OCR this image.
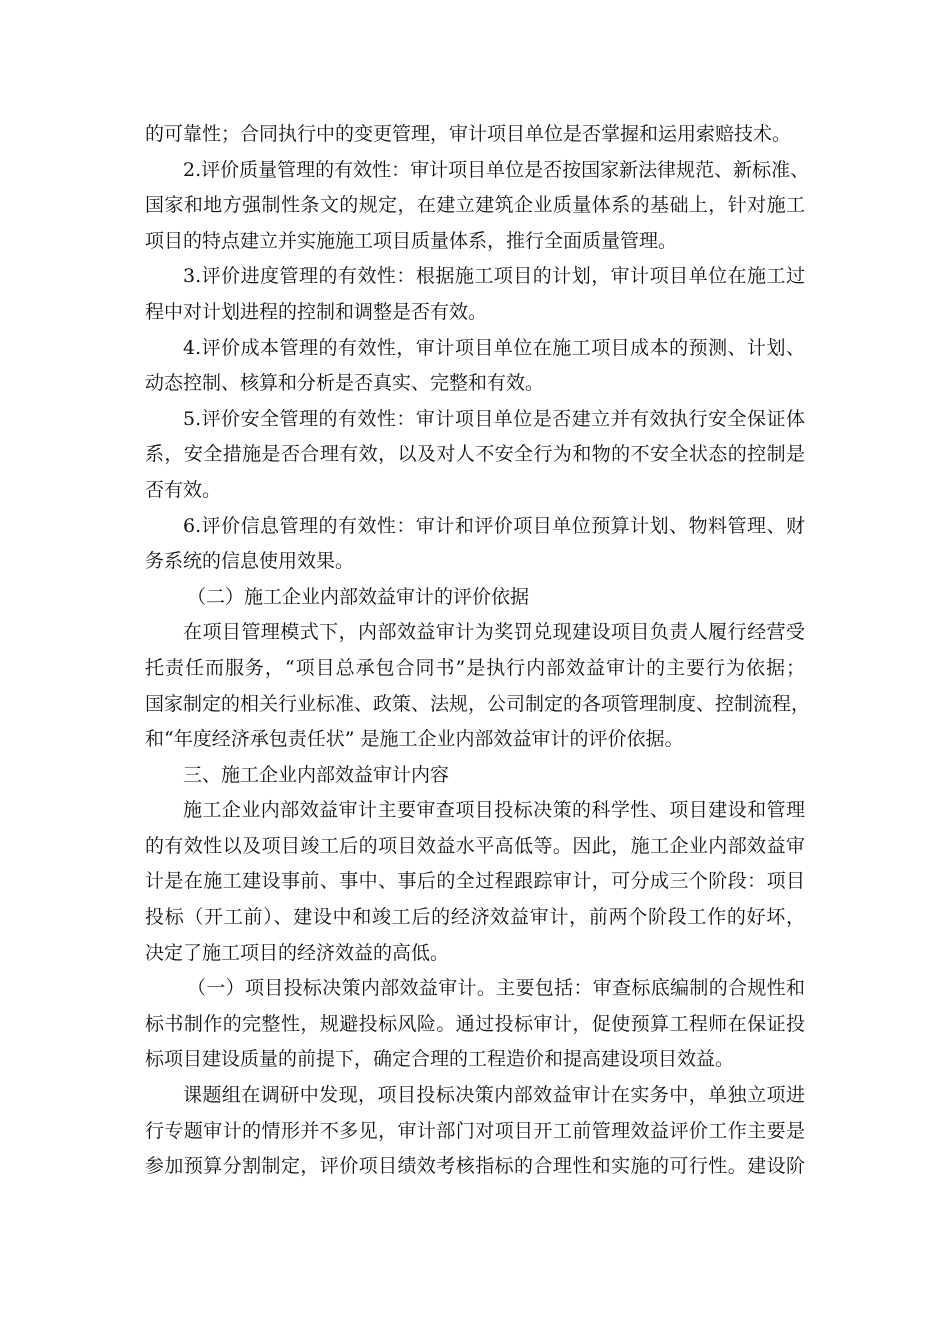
的可靠性；合同执行中的变更管理，审计项目单位是否掌握和运用索赔技术。
2.评价质量管理的有效性：审计项目单位是否按国家新法律规范、新标准、
国家和地方强制性条文的规定，在建立建筑企业质量体系的基础上，针对施工
项目的特点建立并实施施工项目质量体系，推行全面质量管理。
3.评价进度管理的有效性：根据施工项目的计划，审计项目单位在施工过
程中对计划进程的控制和调整是否有效。
4.评价成本管理的有效性，审计项目单位在施工项目成本的预测、计划、
动态控制、核算和分析是否真实、完整和有效。
5.评价安全管理的有效性：审计项目单位是否建立并有效执行安全保证体
系，安全措施是否合理有效，以及对人不安全行为和物的不安全状态的控制是
否有效。
6.评价信息管理的有效性：审计和评价项目单位预算计划、物料管理、财
务系统的信息使用效果。
（二）施工企业内部效益审计的评价依据
在项目管理模式下，内部效益审计为奖罚兑现建设项目负责人履行经营受
托责任而服务，“项目总承包合同书”是执行内部效益审计的主要行为依据；
国家制定的相关行业标准、政策、法规，公司制定的各项管理制度、控制流程，
和“年度经济承包责任状” 是施工企业内部效益审计的评价依据。
三、施工企业内部效益审计内容
施工企业内部效益审计主要审查项目投标决策的科学性、项目建设和管理
的有效性以及项目竣工后的项目效益水平高低等。因此，施工企业内部效益审
计是在施工建设事前、事中、事后的全过程跟踪审计，可分成三个阶段：项目
投标（开工前）、建设中和竣工后的经济效益审计，前两个阶段工作的好坏，
决定了施工项目的经济效益的高低。
（一）项目投标决策内部效益审计。主要包括：审查标底编制的合规性和
标书制作的完整性，规避投标风险。通过投标审计，促使预算工程师在保证投
标项目建设质量的前提下，确定合理的工程造价和提高建设项目效益。
课题组在调研中发现，项目投标决策内部效益审计在实务中，单独立项进
行专题审计的情形并不多见，审计部门对项目开工前管理效益评价工作主要是
参加预算分割制定，评价项目绩效考核指标的合理性和实施的可行性。建设阶
